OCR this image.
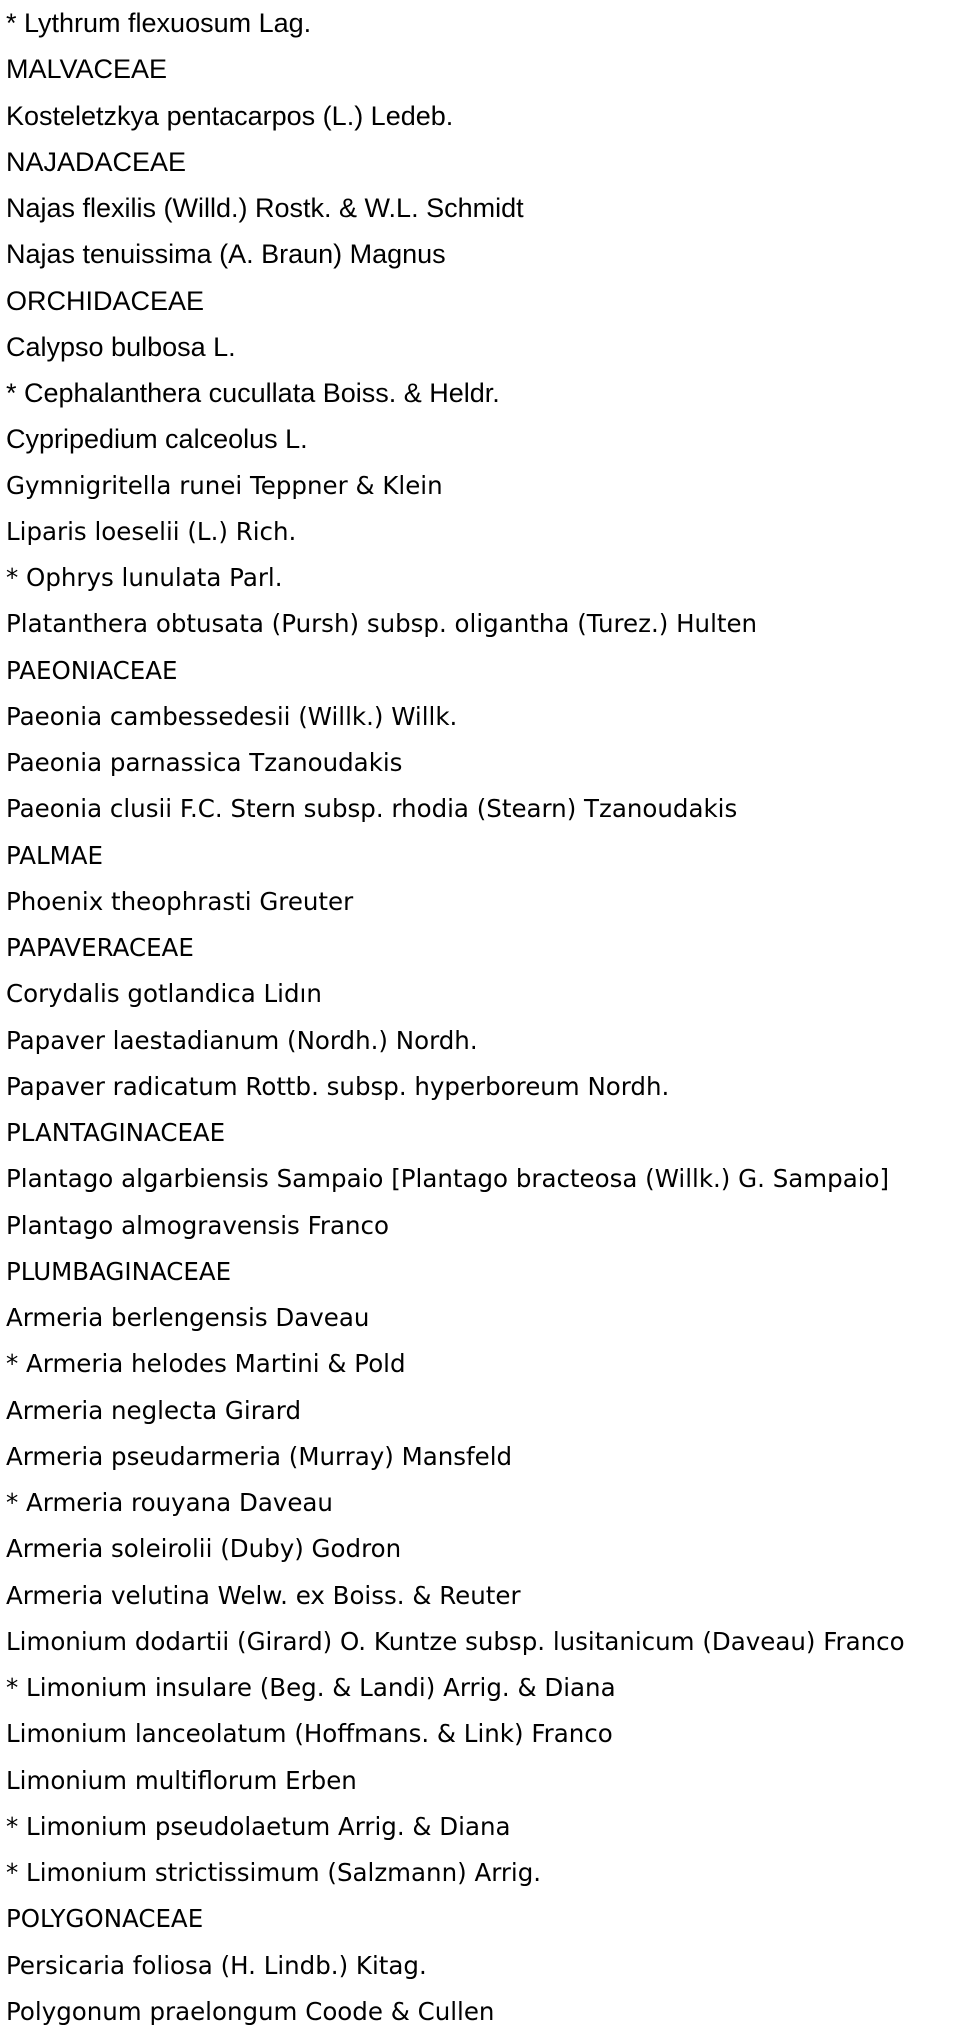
* Lythrum flexuosum Lag.
MALVACEAE
Kosteletzkya pentacarpos (L.) Ledeb.
NAJADACEAE
Najas flexilis (Willd.) Rostk. & W.L. Schmidt
Najas tenuissima (A. Braun) Magnus
ORCHIDACEAE
Calypso bulbosa L.
* Cephalanthera cucullata Boiss. & Heldr.
Cypripedium calceolus L.
Gymnigritella runei Teppner & Klein
Liparis loeselii (L.) Rich.
* Ophrys lunulata Parl.
Platanthera obtusata (Pursh) subsp. oligantha (Turez.) Hulten
PAEONIACEAE
Paeonia cambessedesii (Willk.) Willk.
Paeonia parnassica Tzanoudakis
Paeonia clusii F.C. Stern subsp. rhodia (Stearn) Tzanoudakis
PALMAE
Phoenix theophrasti Greuter
PAPAVERACEAE
Corydalis gotlandica Lidın
Papaver laestadianum (Nordh.) Nordh.
Papaver radicatum Rottb. subsp. hyperboreum Nordh.
PLANTAGINACEAE
Plantago algarbiensis Sampaio [Plantago bracteosa (Willk.) G. Sampaio]
Plantago almogravensis Franco
PLUMBAGINACEAE
Armeria berlengensis Daveau
* Armeria helodes Martini & Pold
Armeria neglecta Girard
Armeria pseudarmeria (Murray) Mansfeld
* Armeria rouyana Daveau
Armeria soleirolii (Duby) Godron
Armeria velutina Welw. ex Boiss. & Reuter
Limonium dodartii (Girard) O. Kuntze subsp. lusitanicum (Daveau) Franco
* Limonium insulare (Beg. & Landi) Arrig. & Diana
Limonium lanceolatum (Hoffmans. & Link) Franco
Limonium multiflorum Erben
* Limonium pseudolaetum Arrig. & Diana
* Limonium strictissimum (Salzmann) Arrig.
POLYGONACEAE
Persicaria foliosa (H. Lindb.) Kitag.
Polygonum praelongum Coode & Cullen
